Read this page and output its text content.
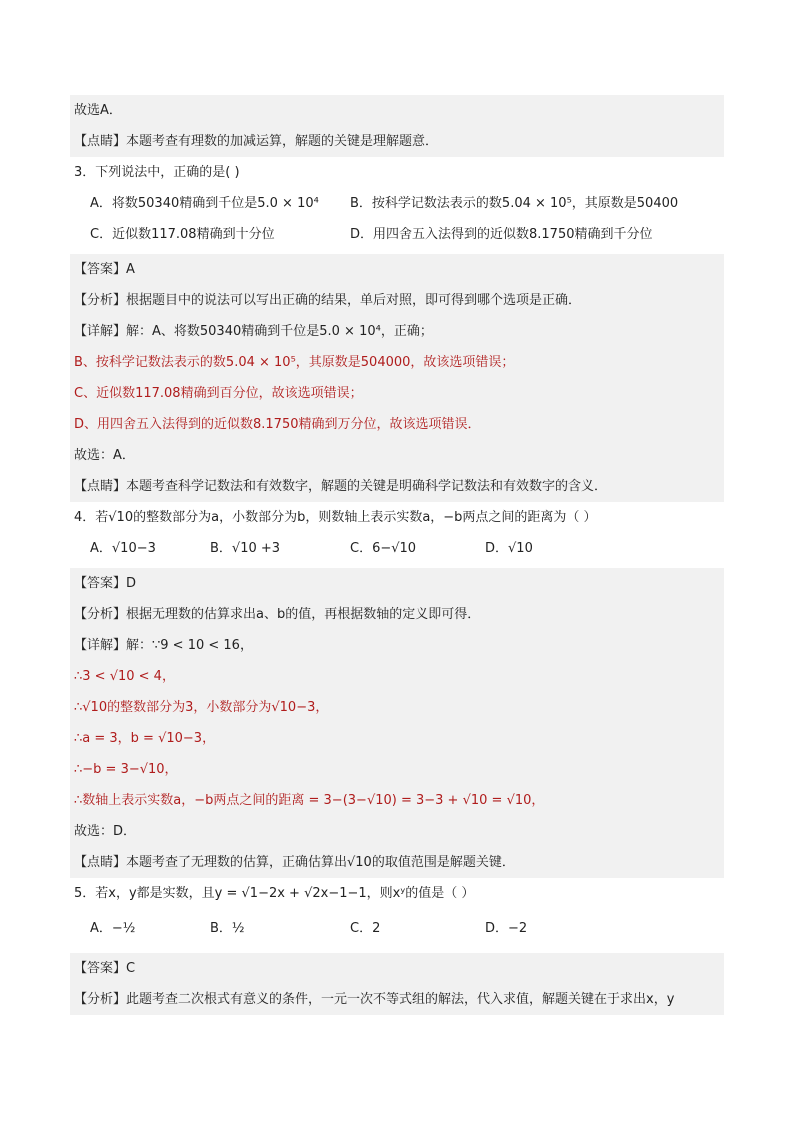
故选A．
【点睛】本题考查有理数的加减运算，解题的关键是理解题意．
3．下列说法中，正确的是( )
A．将数50340精确到千位是5.0 × 10⁴ B．按科学记数法表示的数5.04 × 10⁵，其原数是50400
C．近似数117.08精确到十分位	D．用四舍五入法得到的近似数8.1750精确到千分位
【答案】A
【分析】根据题目中的说法可以写出正确的结果，单后对照，即可得到哪个选项是正确．
【详解】解：A、将数50340精确到千位是5.0 × 10⁴，正确；
B、按科学记数法表示的数5.04 × 10⁵，其原数是504000，故该选项错误；
C、近似数117.08精确到百分位，故该选项错误；
D、用四舍五入法得到的近似数8.1750精确到万分位，故该选项错误．
故选：A．
【点睛】本题考查科学记数法和有效数字，解题的关键是明确科学记数法和有效数字的含义．
4．若√10的整数部分为a，小数部分为b，则数轴上表示实数a，−b两点之间的距离为（ ）
A．√10−3	B．√10 +3	C．6−√10	D．√10
【答案】D
【分析】根据无理数的估算求出a、b的值，再根据数轴的定义即可得．
【详解】解：∵9 < 10 < 16，
∴3 < √10 < 4，
∴√10的整数部分为3，小数部分为√10−3，
∴a = 3，b = √10−3，
∴−b = 3−√10，
∴数轴上表示实数a，−b两点之间的距离 = 3−(3−√10) = 3−3 + √10 = √10，
故选：D．
【点睛】本题考查了无理数的估算，正确估算出√10的取值范围是解题关键．
5．若x，y都是实数，且y = √1−2x + √2x−1−1，则xʸ的值是（ ）
A．−½	B．½	C．2	D．−2
【答案】C
【分析】此题考查二次根式有意义的条件，一元一次不等式组的解法，代入求值，解题关键在于求出x，y
